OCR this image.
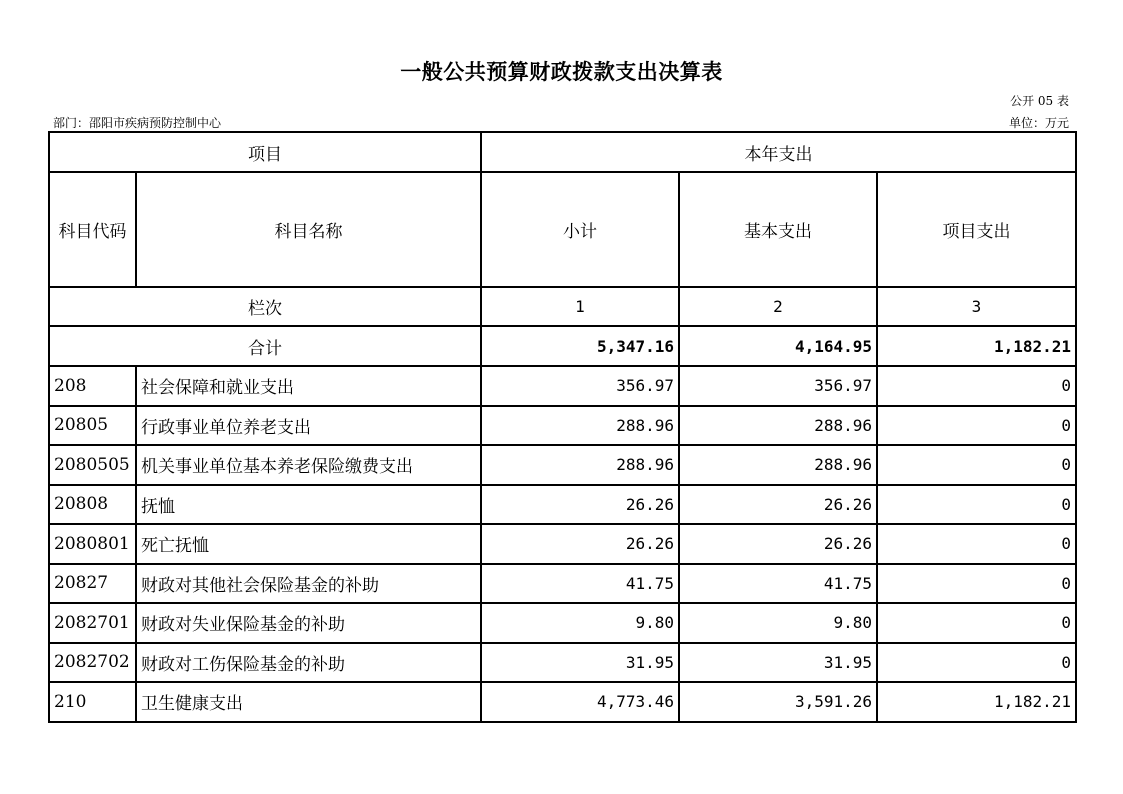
一般公共预算财政拨款支出决算表
公开 05 表
部门：邵阳市疾病预防控制中心	单位：万元
项目		本年支出		
科目代码	科目名称	小计	基本支出	项目支出
栏次		1	2	3
合计		5,347.16	4,164.95	1,182.21
208	社会保障和就业支出	356.97	356.97	0
20805	行政事业单位养老支出	288.96	288.96	0
2080505	机关事业单位基本养老保险缴费支出	288.96	288.96	0
20808	抚恤	26.26	26.26	0
2080801	死亡抚恤	26.26	26.26	0
20827	财政对其他社会保险基金的补助	41.75	41.75	0
2082701	财政对失业保险基金的补助	9.80	9.80	0
2082702	财政对工伤保险基金的补助	31.95	31.95	0
210	卫生健康支出	4,773.46	3,591.26	1,182.21
